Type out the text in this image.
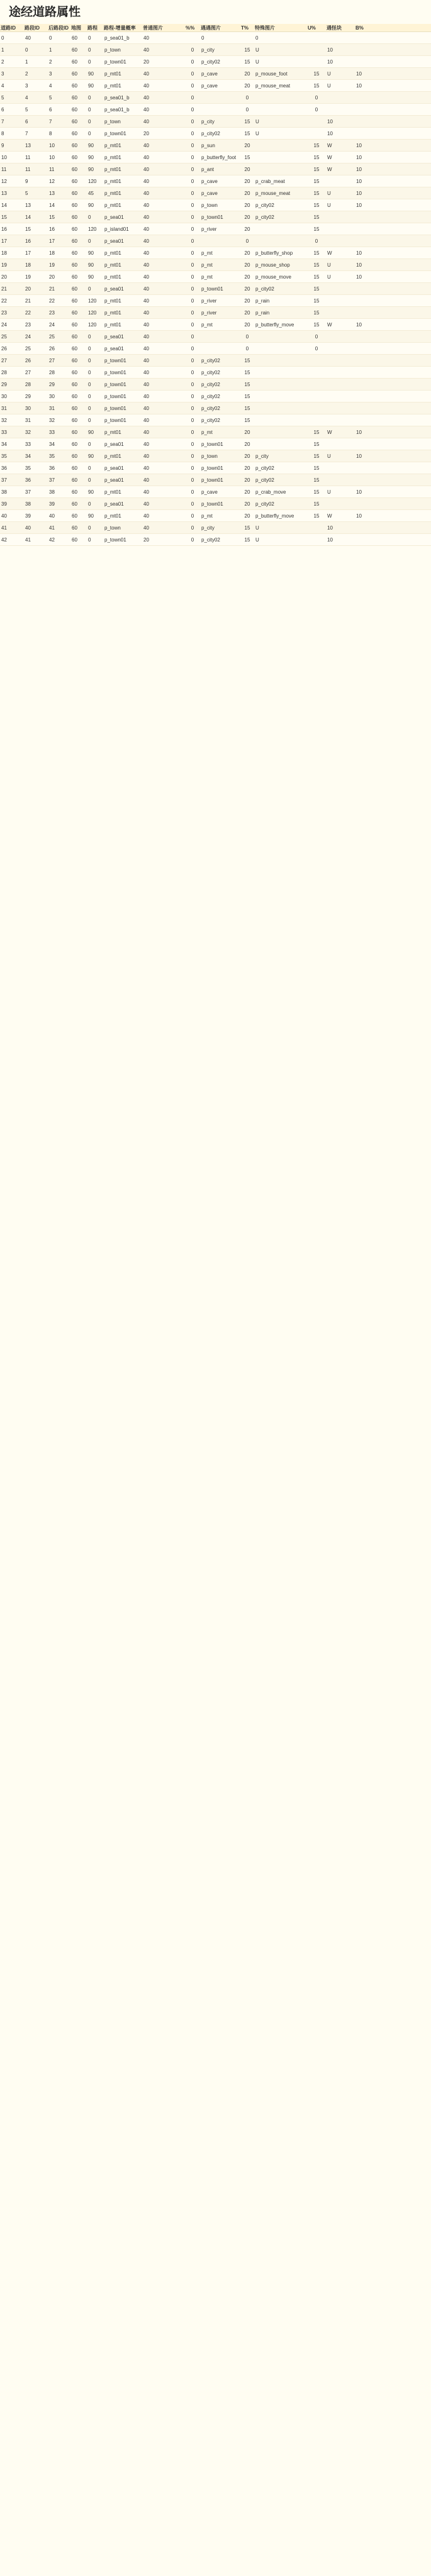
途经道路属性
道路ID	路段ID	后路段ID	地图	路程	路程-增量概率	普通图片	%%	遇遇图片	T%	特殊图片	U%	遇怪块	B%
0	40	0	60	0	p_sea01_b	40		0		0			
1	0	1	60	0	p_town	40	0	p_city	15	U		10	
2	1	2	60	0	p_town01	20	0	p_city02	15	U		10	
3	2	3	60	90	p_mt01	40	0	p_cave	20	p_mouse_foot	15	U	10
4	3	4	60	90	p_mt01	40	0	p_cave	20	p_mouse_meat	15	U	10
5	4	5	60	0	p_sea01_b	40	0		0		0		
6	5	6	60	0	p_sea01_b	40	0		0		0		
7	6	7	60	0	p_town	40	0	p_city	15	U		10	
8	7	8	60	0	p_town01	20	0	p_city02	15	U		10	
9	13	10	60	90	p_mt01	40	0	p_sun	20		15	W	10
10	11	10	60	90	p_mt01	40	0	p_butterfly_foot	15		15	W	10
11	11	11	60	90	p_mt01	40	0	p_ant	20		15	W	10
12	9	12	60	120	p_mt01	40	0	p_cave	20	p_crab_meat	15		10
13	5	13	60	45	p_mt01	40	0	p_cave	20	p_mouse_meat	15	U	10
14	13	14	60	90	p_mt01	40	0	p_town	20	p_city02	15	U	10
15	14	15	60	0	p_sea01	40	0	p_town01	20	p_city02	15		
16	15	16	60	120	p_island01	40	0	p_river	20		15		
17	16	17	60	0	p_sea01	40	0		0		0		
18	17	18	60	90	p_mt01	40	0	p_mt	20	p_butterfly_shop	15	W	10
19	18	19	60	90	p_mt01	40	0	p_mt	20	p_mouse_shop	15	U	10
20	19	20	60	90	p_mt01	40	0	p_mt	20	p_mouse_move	15	U	10
21	20	21	60	0	p_sea01	40	0	p_town01	20	p_city02	15		
22	21	22	60	120	p_mt01	40	0	p_river	20	p_rain	15		
23	22	23	60	120	p_mt01	40	0	p_river	20	p_rain	15		
24	23	24	60	120	p_mt01	40	0	p_mt	20	p_butterfly_move	15	W	10
25	24	25	60	0	p_sea01	40	0		0		0		
26	25	26	60	0	p_sea01	40	0		0		0		
27	26	27	60	0	p_town01	40	0	p_city02	15				
28	27	28	60	0	p_town01	40	0	p_city02	15				
29	28	29	60	0	p_town01	40	0	p_city02	15				
30	29	30	60	0	p_town01	40	0	p_city02	15				
31	30	31	60	0	p_town01	40	0	p_city02	15				
32	31	32	60	0	p_town01	40	0	p_city02	15				
33	32	33	60	90	p_mt01	40	0	p_mt	20		15	W	10
34	33	34	60	0	p_sea01	40	0	p_town01	20		15		
35	34	35	60	90	p_mt01	40	0	p_town	20	p_city	15	U	10
36	35	36	60	0	p_sea01	40	0	p_town01	20	p_city02	15		
37	36	37	60	0	p_sea01	40	0	p_town01	20	p_city02	15		
38	37	38	60	90	p_mt01	40	0	p_cave	20	p_crab_move	15	U	10
39	38	39	60	0	p_sea01	40	0	p_town01	20	p_city02	15		
40	39	40	60	90	p_mt01	40	0	p_mt	20	p_butterfly_move	15	W	10
41	40	41	60	0	p_town	40	0	p_city	15	U		10	
42	41	42	60	0	p_town01	20	0	p_city02	15	U		10	
